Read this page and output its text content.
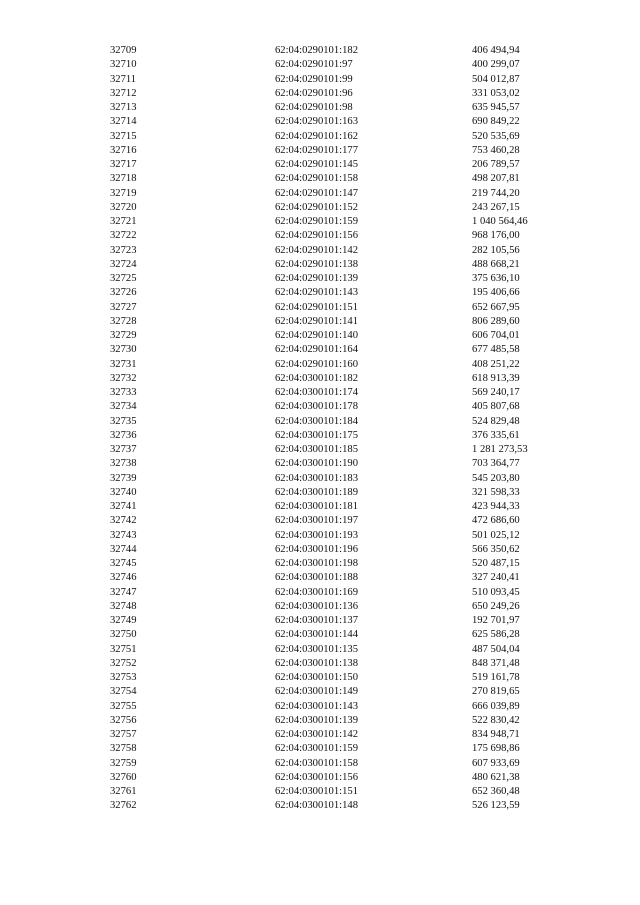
32709	62:04:0290101:182	406 494,94
32710	62:04:0290101:97	400 299,07
32711	62:04:0290101:99	504 012,87
32712	62:04:0290101:96	331 053,02
32713	62:04:0290101:98	635 945,57
32714	62:04:0290101:163	690 849,22
32715	62:04:0290101:162	520 535,69
32716	62:04:0290101:177	753 460,28
32717	62:04:0290101:145	206 789,57
32718	62:04:0290101:158	498 207,81
32719	62:04:0290101:147	219 744,20
32720	62:04:0290101:152	243 267,15
32721	62:04:0290101:159	1 040 564,46
32722	62:04:0290101:156	968 176,00
32723	62:04:0290101:142	282 105,56
32724	62:04:0290101:138	488 668,21
32725	62:04:0290101:139	375 636,10
32726	62:04:0290101:143	195 406,66
32727	62:04:0290101:151	652 667,95
32728	62:04:0290101:141	806 289,60
32729	62:04:0290101:140	606 704,01
32730	62:04:0290101:164	677 485,58
32731	62:04:0290101:160	408 251,22
32732	62:04:0300101:182	618 913,39
32733	62:04:0300101:174	569 240,17
32734	62:04:0300101:178	405 807,68
32735	62:04:0300101:184	524 829,48
32736	62:04:0300101:175	376 335,61
32737	62:04:0300101:185	1 281 273,53
32738	62:04:0300101:190	703 364,77
32739	62:04:0300101:183	545 203,80
32740	62:04:0300101:189	321 598,33
32741	62:04:0300101:181	423 944,33
32742	62:04:0300101:197	472 686,60
32743	62:04:0300101:193	501 025,12
32744	62:04:0300101:196	566 350,62
32745	62:04:0300101:198	520 487,15
32746	62:04:0300101:188	327 240,41
32747	62:04:0300101:169	510 093,45
32748	62:04:0300101:136	650 249,26
32749	62:04:0300101:137	192 701,97
32750	62:04:0300101:144	625 586,28
32751	62:04:0300101:135	487 504,04
32752	62:04:0300101:138	848 371,48
32753	62:04:0300101:150	519 161,78
32754	62:04:0300101:149	270 819,65
32755	62:04:0300101:143	666 039,89
32756	62:04:0300101:139	522 830,42
32757	62:04:0300101:142	834 948,71
32758	62:04:0300101:159	175 698,86
32759	62:04:0300101:158	607 933,69
32760	62:04:0300101:156	480 621,38
32761	62:04:0300101:151	652 360,48
32762	62:04:0300101:148	526 123,59
